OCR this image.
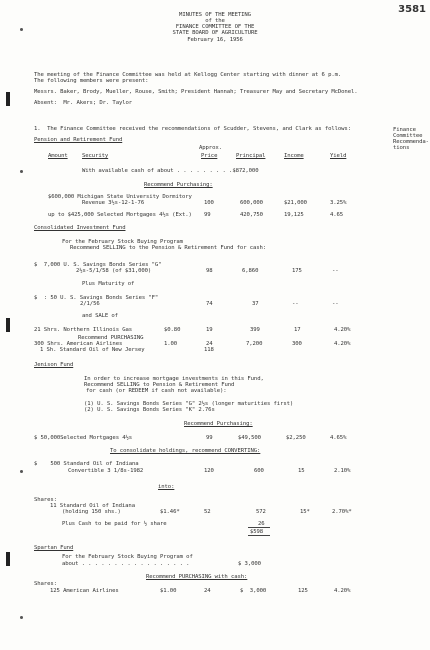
3581
MINUTES OF THE MEETING
of the
FINANCE COMMITTEE OF THE
STATE BOARD OF AGRICULTURE
February 16, 1956
The meeting of the Finance Committee was held at Kellogg Center starting with dinner at 6 p.m.
The following members were present:
Messrs. Baker, Brody, Mueller, Rouse, Smith; President Hannah; Treasurer May and Secretary McDonel.
Absent:  Mr. Akers; Dr. Taylor
1.  The Finance Committee received the recommendations of Scudder, Stevens, and Clark as follows:	Finance
Committee
Recommenda-
tions
Pension and Retirement Fund
Approx.
Amount	Security	Price	Principal	Income	Yield
With available cash of about . . . . . . . . .$872,000
Recommend Purchasing:
$600,000 Michigan State University Dormitory
Revenue 3½s-12-1-76	100	600,000	$21,000	3.25%
up to $425,000 Selected Mortgages 4½s (Ext.) 99	420,750	19,125	4.65
Consolidated Investment Fund
For the February Stock Buying Program
Recommend SELLING to the Pension & Retirement Fund for cash:
$  7,000 U. S. Savings Bonds Series "G"
2½s-5/1/58 (of $31,000)	98	6,860	175	--
Plus Maturity of
$  : 50 U. S. Savings Bonds Series "F"
2/1/56	74	37	--	--
and SALE of
21 Shrs. Northern Illinois Gas	$0.80	19	399	17	4.20%
Recommend PURCHASING
300 Shrs. American Airlines	1.00	24	7,200	300	4.20%
1 Sh. Standard Oil of New Jersey	118
Jenison Fund
In order to increase mortgage investments in this Fund,
Recommend SELLING to Pension & Retirement Fund
for cash (or REDEEM if cash not available):
(1) U. S. Savings Bonds Series "G" 2½s (longer maturities first)
(2) U. S. Savings Bonds Series "K" 2.76s
Recommend Purchasing:
$ 50,000Selected Mortgages 4½s	99	$49,500	$2,250	4.65%
To consolidate holdings, recommend CONVERTING:
$    500 Standard Oil of Indiana
Convertible 3 1/8s-1982	120	600	15	2.10%
into:
Shares:
11 Standard Oil of Indiana
(holding 150 shs.)	$1.46*	52	572	15*	2.70%*
Plus Cash to be paid for ½ share	26
$598
Spartan Fund
For the February Stock Buying Program of
about . . . . . . . . . . . . . . . . .	$ 3,000
Recommend PURCHASING with cash:
Shares:
125 American Airlines	$1.00	24	$  3,000	125	4.20%
